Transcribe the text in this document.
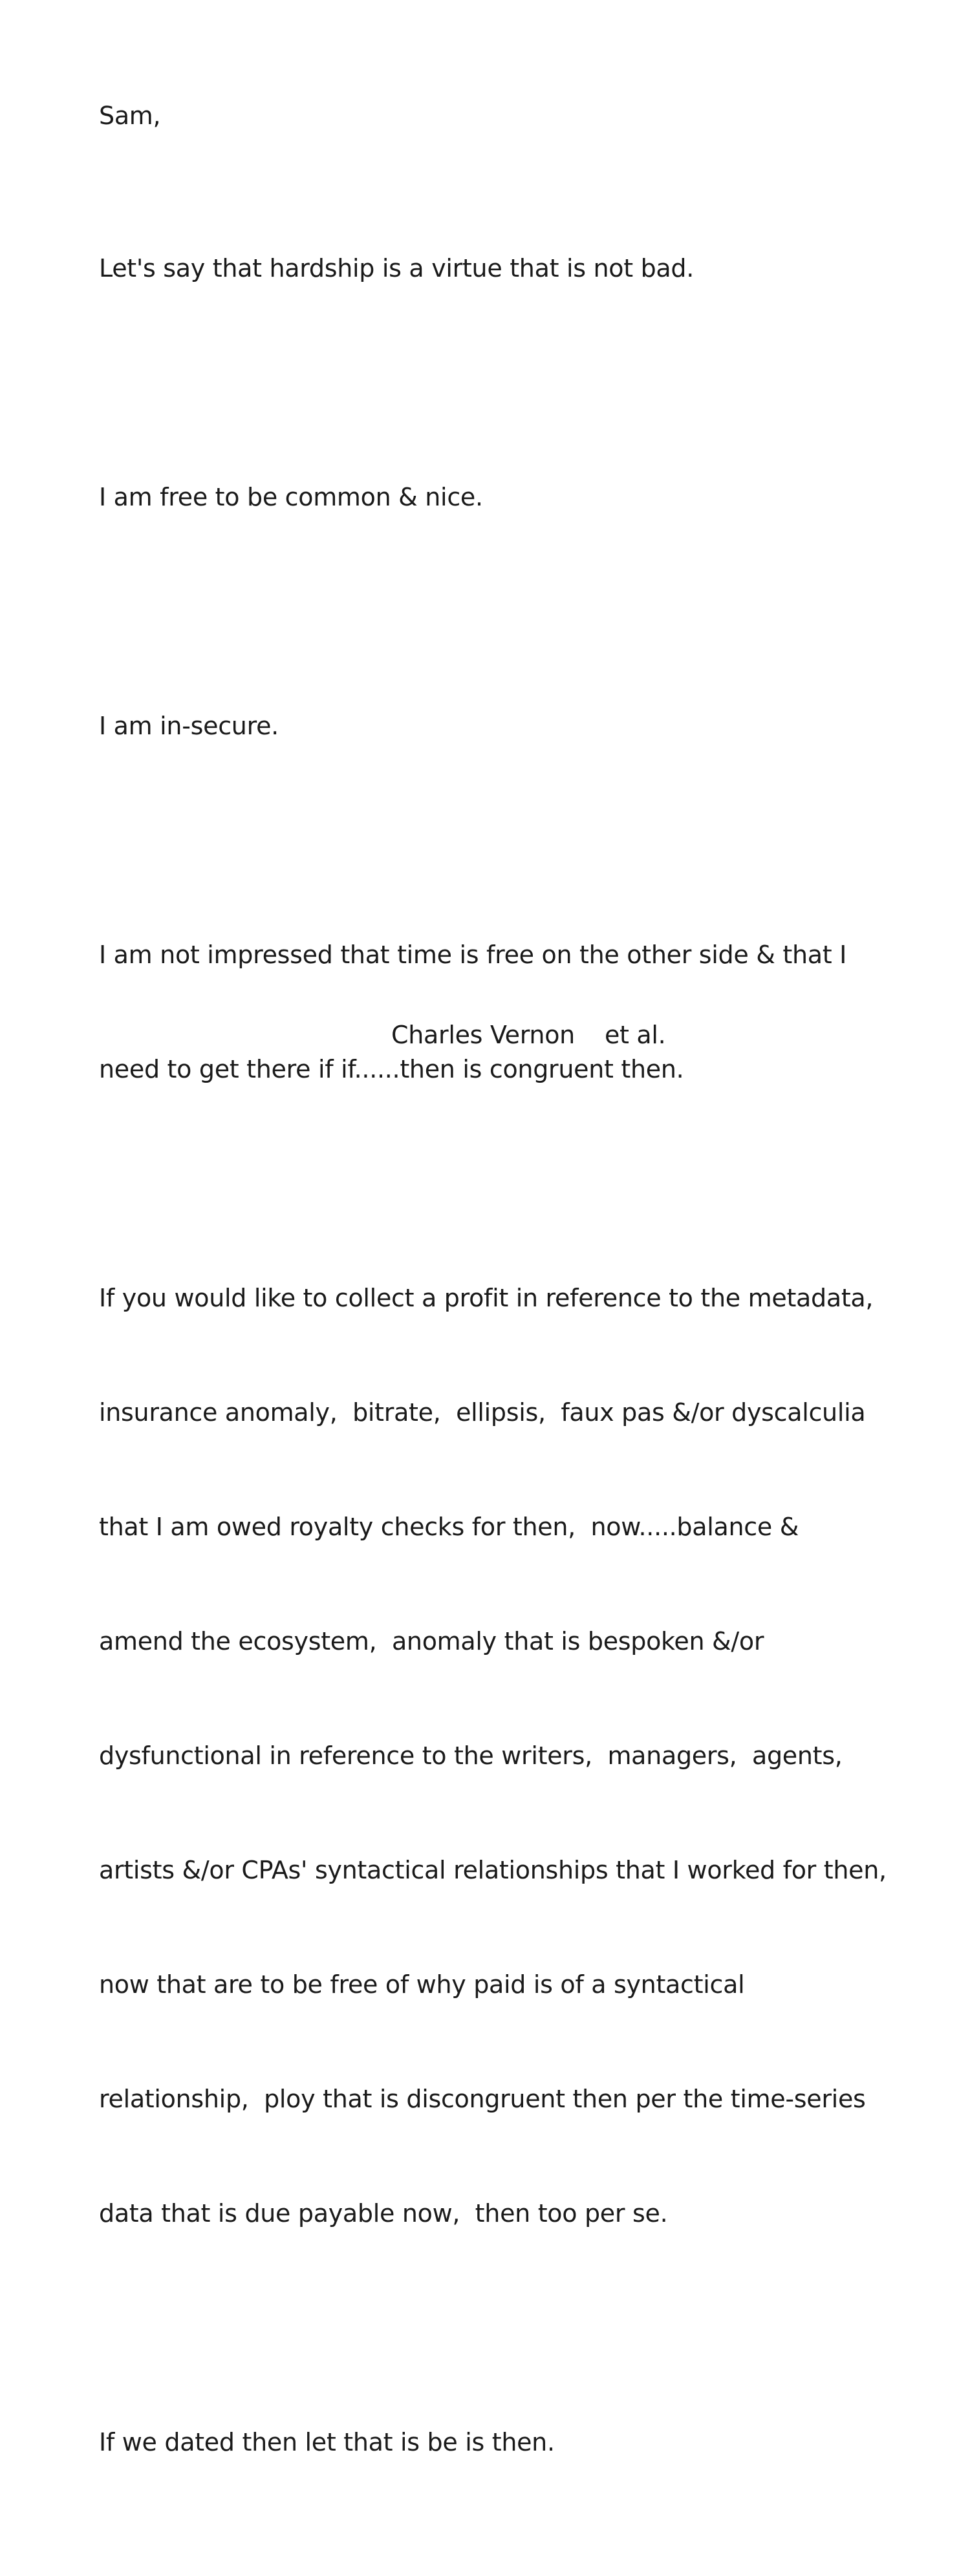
Sam,

Let's say that hardship is a virtue that is not bad.

I am free to be common & nice.

I am in-secure.

I am not impressed that time is free on the other side & that I

need to get there if if......then is congruent then.

If you would like to collect a profit in reference to the metadata,

insurance anomaly,  bitrate,  ellipsis,  faux pas &/or dyscalculia

that I am owed royalty checks for then,  now.....balance &

amend the ecosystem,  anomaly that is bespoken &/or

dysfunctional in reference to the writers,  managers,  agents,

artists &/or CPAs' syntactical relationships that I worked for then,

now that are to be free of why paid is of a syntactical

relationship,  ploy that is discongruent then per the time-series

data that is due payable now,  then too per se.

If we dated then let that is be is then.

Charles Vernon et al.
